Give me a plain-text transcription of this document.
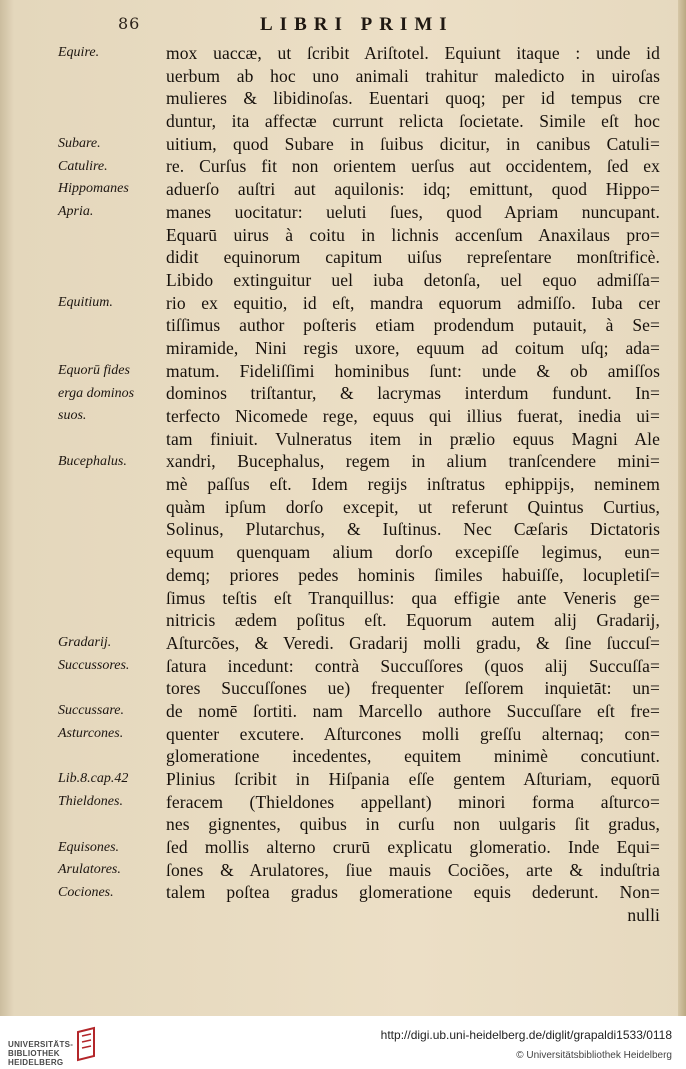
86	LIBRI PRIMI
Equire.
Subare.
Catulire.
Hippomanes
Apria.
Equitium.
Equorū fides
erga dominos
suos.
Bucephalus.
Gradarij.
Succussores.
Succussare.
Asturcones.
Lib.8.cap.42
Thieldones.
Equisones.
Arulatores.
Cociones.
mox uaccæ, ut ſcribit Ariſtotel. Equiunt itaque : unde id
uerbum ab hoc uno animali trahitur maledicto in uiroſas
mulieres & libidinoſas. Euentari quoq; per id tempus cre
duntur, ita affectæ currunt relicta ſocietate. Simile eſt hoc
uitium, quod Subare in ſuibus dicitur, in canibus Catuli=
re. Curſus fit non orientem uerſus aut occidentem, ſed ex
aduerſo auſtri aut aquilonis: idq; emittunt, quod Hippo=
manes uocitatur: ueluti ſues, quod Apriam nuncupant.
Equarū uirus à coitu in lichnis accenſum Anaxilaus pro=
didit equinorum capitum uiſus repreſentare monſtrificè.
Libido extinguitur uel iuba detonſa, uel equo admiſſa=
rio ex equitio, id eſt, mandra equorum admiſſo. Iuba cer
tiſſimus author poſteris etiam prodendum putauit, à Se=
miramide, Nini regis uxore, equum ad coitum uſq; ada=
matum. Fideliſſimi hominibus ſunt: unde & ob amiſſos
dominos triſtantur, & lacrymas interdum fundunt. In=
terfecto Nicomede rege, equus qui illius fuerat, inedia ui=
tam finiuit. Vulneratus item in prælio equus Magni Ale
xandri, Bucephalus, regem in alium tranſcendere mini=
mè paſſus eſt. Idem regijs inſtratus ephippijs, neminem
quàm ipſum dorſo excepit, ut referunt Quintus Curtius,
Solinus, Plutarchus, & Iuſtinus. Nec Cæſaris Dictatoris
equum quenquam alium dorſo excepiſſe legimus, eun=
demq; priores pedes hominis ſimiles habuiſſe, locupletiſ=
ſimus teſtis eſt Tranquillus: qua effigie ante Veneris ge=
nitricis ædem poſitus eſt. Equorum autem alij Gradarij,
Aſturcões, & Veredi. Gradarij molli gradu, & ſine ſuccuſ=
ſatura incedunt: contrà Succuſſores (quos alij Succuſſa=
tores Succuſſones ue) frequenter ſeſſorem inquietāt: un=
de nomē ſortiti. nam Marcello authore Succuſſare eſt fre=
quenter excutere. Aſturcones molli greſſu alternaq; con=
glomeratione incedentes, equitem minimè concutiunt.
Plinius ſcribit in Hiſpania eſſe gentem Aſturiam, equorū
feracem (Thieldones appellant) minori forma aſturco=
nes gignentes, quibus in curſu non uulgaris ſit gradus,
ſed mollis alterno crurū explicatu glomeratio. Inde Equi=
ſones & Arulatores, ſiue mauis Cociões, arte & induſtria
talem poſtea gradus glomeratione equis dederunt. Non=
nulli
UNIVERSITÄTS-
BIBLIOTHEK
HEIDELBERG
http://digi.ub.uni-heidelberg.de/diglit/grapaldi1533/0118
© Universitätsbibliothek Heidelberg
